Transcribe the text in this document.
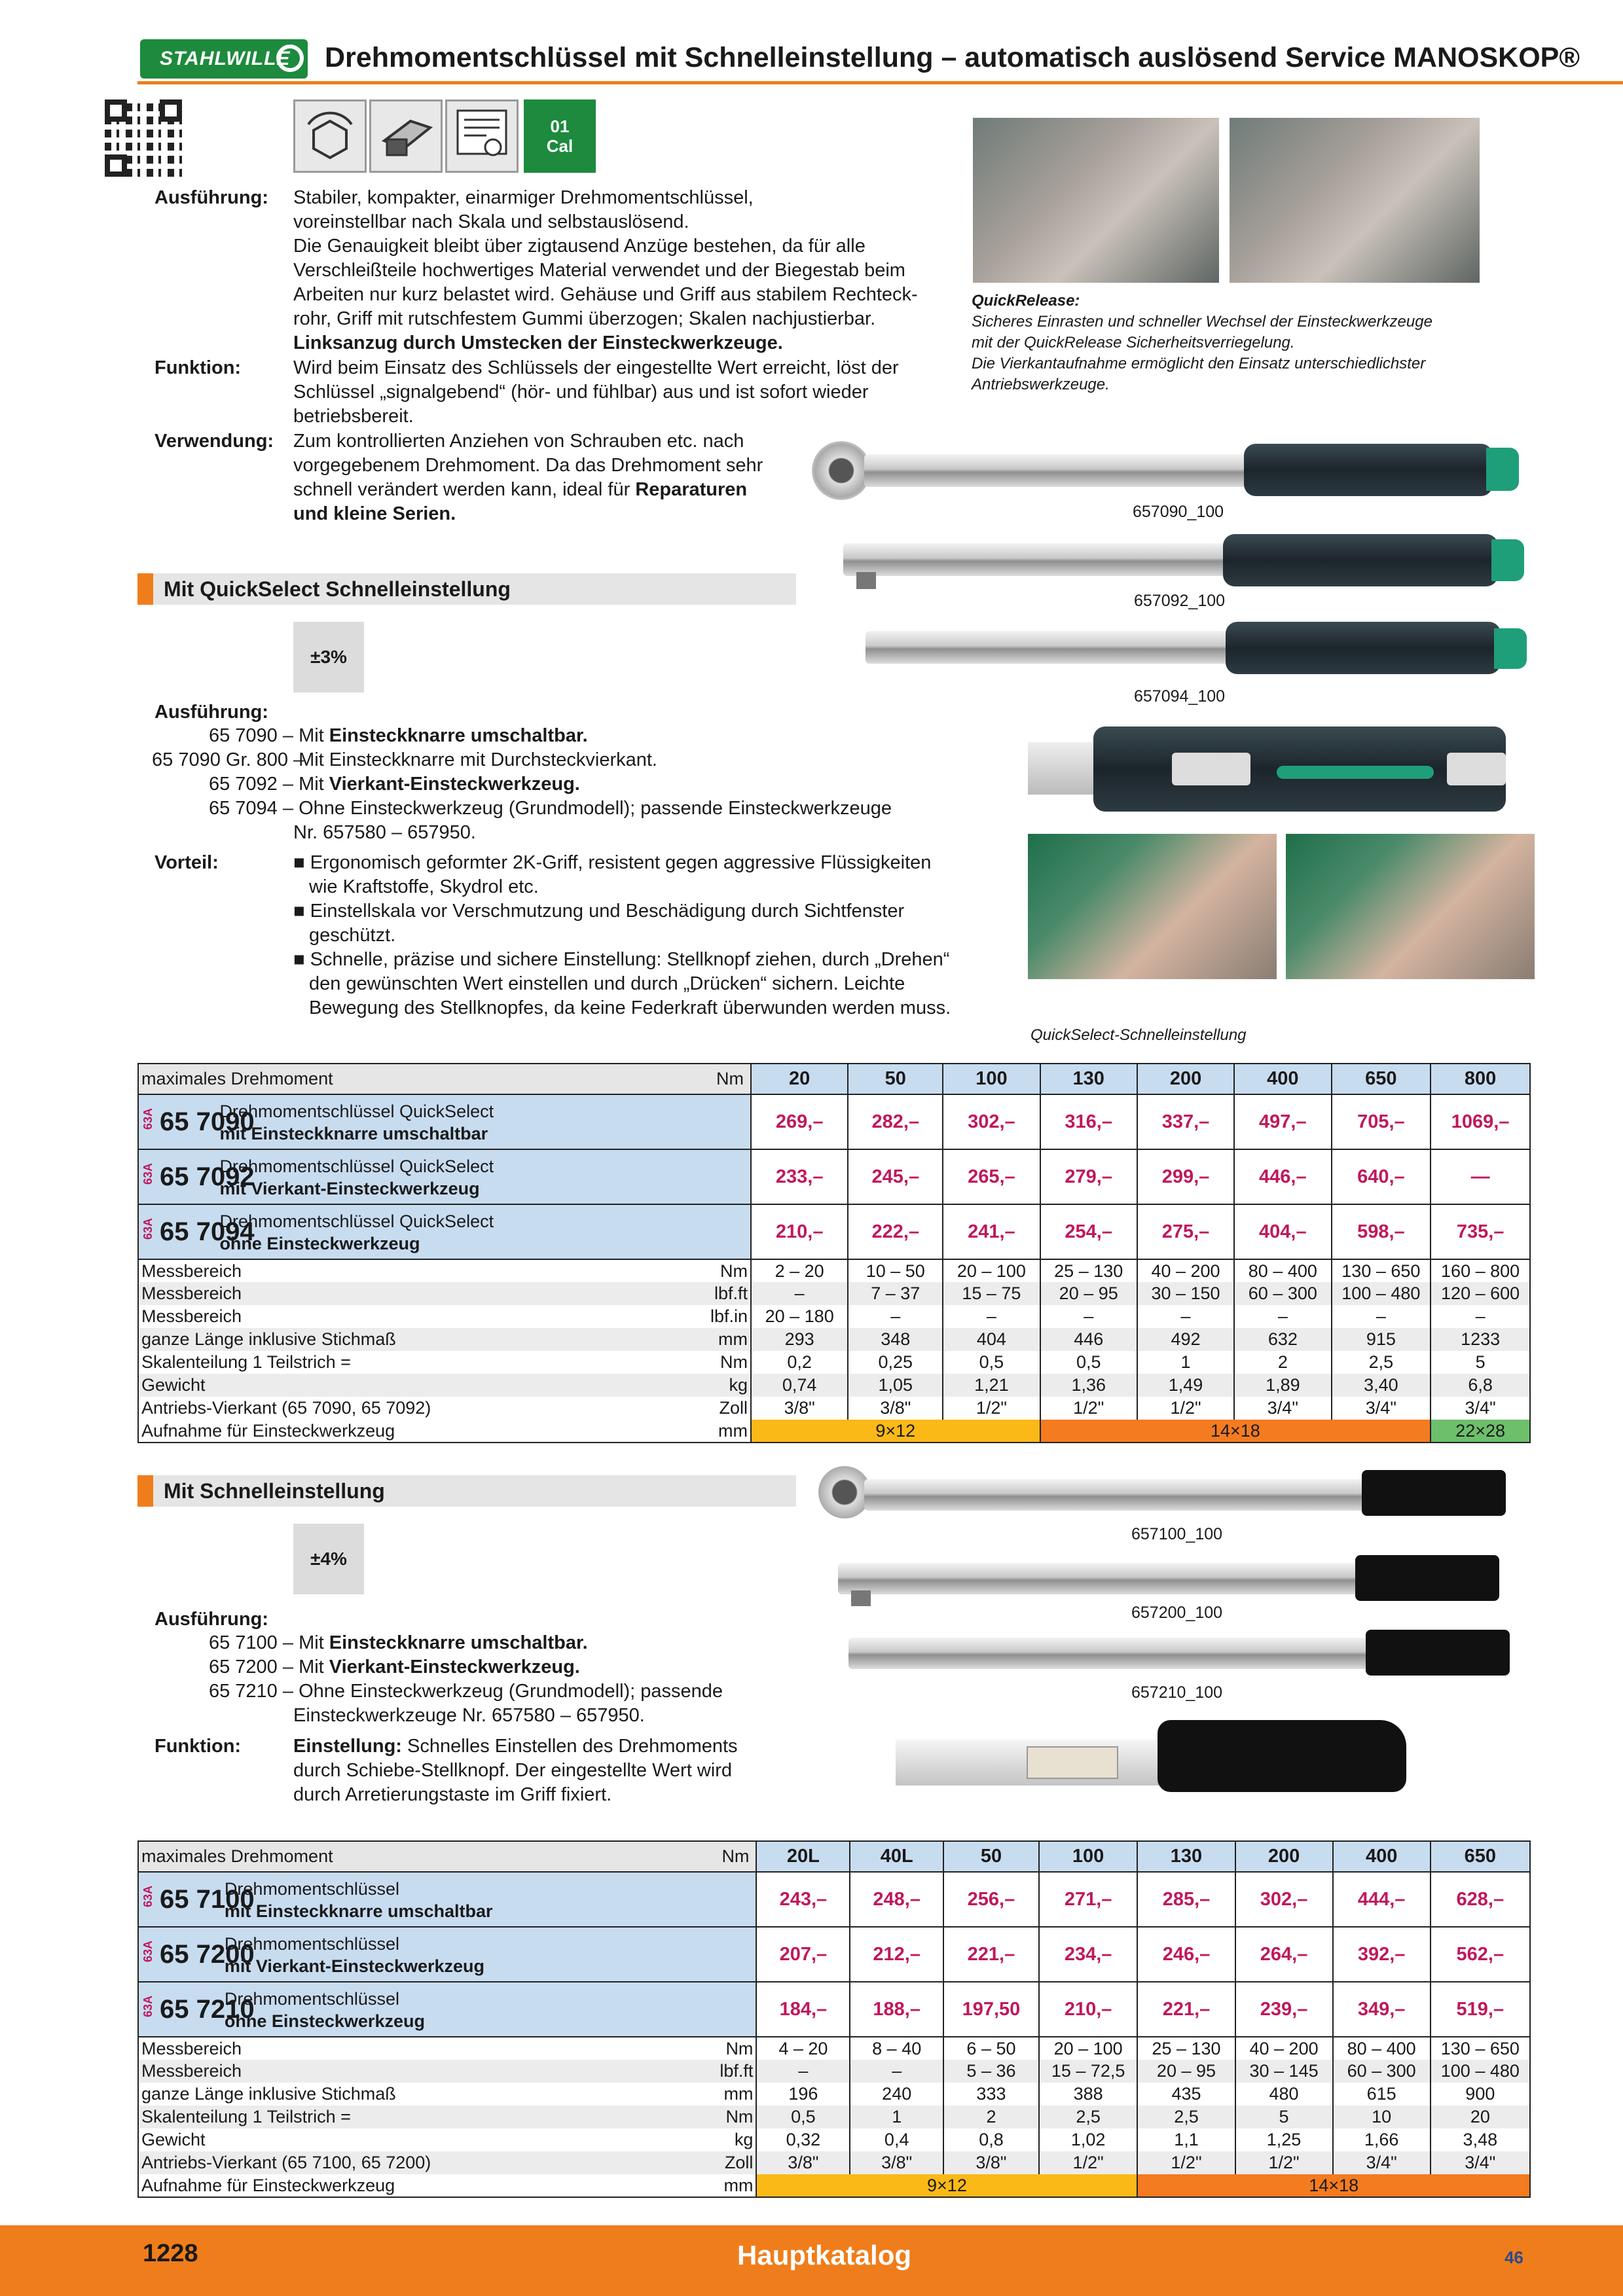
STAHLWILLE	Drehmomentschlüssel mit Schnelleinstellung – automatisch auslösend Service MANOSKOP®
01
Cal
Ausführung: Stabiler, kompakter, einarmiger Drehmomentschlüssel,
voreinstellbar nach Skala und selbstauslösend.
Die Genauigkeit bleibt über zigtausend Anzüge bestehen, da für alle
Verschleißteile hochwertiges Material verwendet und der Biegestab beim
Arbeiten nur kurz belastet wird. Gehäuse und Griff aus stabilem Rechteck-
rohr, Griff mit rutschfestem Gummi überzogen; Skalen nachjustierbar.
Linksanzug durch Umstecken der Einsteckwerkzeuge.
Funktion:	Wird beim Einsatz des Schlüssels der eingestellte Wert erreicht, löst der
Schlüssel „signalgebend“ (hör- und fühlbar) aus und ist sofort wieder
betriebsbereit.
Verwendung: Zum kontrollierten Anziehen von Schrauben etc. nach
vorgegebenem Drehmoment. Da das Drehmoment sehr
schnell verändert werden kann, ideal für Reparaturen
und kleine Serien.
QuickRelease:
Sicheres Einrasten und schneller Wechsel der Einsteckwerkzeuge
mit der QuickRelease Sicherheitsverriegelung.
Die Vierkantaufnahme ermöglicht den Einsatz unterschiedlichster
Antriebswerkzeuge.
657090_100
657092_100
657094_100
QuickSelect-Schnelleinstellung
Mit QuickSelect Schnelleinstellung
±3%
Ausführung:
65 7090 – Mit Einsteckknarre umschaltbar.
65 7090 Gr. 800 – Mit Einsteckknarre mit Durchsteckvierkant.
65 7092 – Mit Vierkant-Einsteckwerkzeug.
65 7094 – Ohne Einsteckwerkzeug (Grundmodell); passende Einsteckwerkzeuge
Nr. 657580 – 657950.
Vorteil:	■ Ergonomisch geformter 2K-Griff, resistent gegen aggressive Flüssigkeiten
wie Kraftstoffe, Skydrol etc.
■ Einstellskala vor Verschmutzung und Beschädigung durch Sichtfenster
geschützt.
■ Schnelle, präzise und sichere Einstellung: Stellknopf ziehen, durch „Drehen“
den gewünschten Wert einstellen und durch „Drücken“ sichern. Leichte
Bewegung des Stellknopfes, da keine Federkraft überwunden werden muss.
maximales Drehmoment Nm		20	50	100	130	200	400	650	800
63A 65 7090	Drehmomentschlüssel QuickSelect
mit Einsteckknarre umschaltbar	269,–	282,–	302,–	316,–	337,–	497,–	705,–	1069,–
63A 65 7092	Drehmomentschlüssel QuickSelect
mit Vierkant-Einsteckwerkzeug	233,–	245,–	265,–	279,–	299,–	446,–	640,–	—
63A 65 7094	Drehmomentschlüssel QuickSelect
ohne Einsteckwerkzeug	210,–	222,–	241,–	254,–	275,–	404,–	598,–	735,–
Messbereich	Nm	2 – 20	10 – 50	20 – 100	25 – 130	40 – 200	80 – 400	130 – 650	160 – 800
Messbereich	lbf.ft	–	7 – 37	15 – 75	20 – 95	30 – 150	60 – 300	100 – 480	120 – 600
Messbereich	lbf.in	20 – 180	–	–	–	–	–	–	–
ganze Länge inklusive Stichmaß	mm	293	348	404	446	492	632	915	1233
Skalenteilung 1 Teilstrich =	Nm	0,2	0,25	0,5	0,5	1	2	2,5	5
Gewicht	kg	0,74	1,05	1,21	1,36	1,49	1,89	3,40	6,8
Antriebs-Vierkant (65 7090, 65 7092)	Zoll	3/8"	3/8"	1/2"	1/2"	1/2"	3/4"	3/4"	3/4"
Aufnahme für Einsteckwerkzeug	mm	9×12			14×18				22×28
Mit Schnelleinstellung
±4%
Ausführung:
65 7100 – Mit Einsteckknarre umschaltbar.
65 7200 – Mit Vierkant-Einsteckwerkzeug.
65 7210 – Ohne Einsteckwerkzeug (Grundmodell); passende
Einsteckwerkzeuge Nr. 657580 – 657950.
Funktion:	Einstellung: Schnelles Einstellen des Drehmoments
durch Schiebe-Stellknopf. Der eingestellte Wert wird
durch Arretierungstaste im Griff fixiert.
657100_100
657200_100
657210_100
maximales Drehmoment Nm		20L	40L	50	100	130	200	400	650
63A 65 7100	Drehmomentschlüssel
mit Einsteckknarre umschaltbar	243,–	248,–	256,–	271,–	285,–	302,–	444,–	628,–
63A 65 7200	Drehmomentschlüssel
mit Vierkant-Einsteckwerkzeug	207,–	212,–	221,–	234,–	246,–	264,–	392,–	562,–
63A 65 7210	Drehmomentschlüssel
ohne Einsteckwerkzeug	184,–	188,–	197,50	210,–	221,–	239,–	349,–	519,–
Messbereich	Nm	4 – 20	8 – 40	6 – 50	20 – 100	25 – 130	40 – 200	80 – 400	130 – 650
Messbereich	lbf.ft	–	–	5 – 36	15 – 72,5	20 – 95	30 – 145	60 – 300	100 – 480
ganze Länge inklusive Stichmaß	mm	196	240	333	388	435	480	615	900
Skalenteilung 1 Teilstrich =	Nm	0,5	1	2	2,5	2,5	5	10	20
Gewicht	kg	0,32	0,4	0,8	1,02	1,1	1,25	1,66	3,48
Antriebs-Vierkant (65 7100, 65 7200)	Zoll	3/8"	3/8"	3/8"	1/2"	1/2"	1/2"	3/4"	3/4"
Aufnahme für Einsteckwerkzeug	mm	9×12				14×18			
1228	Hauptkatalog	46
